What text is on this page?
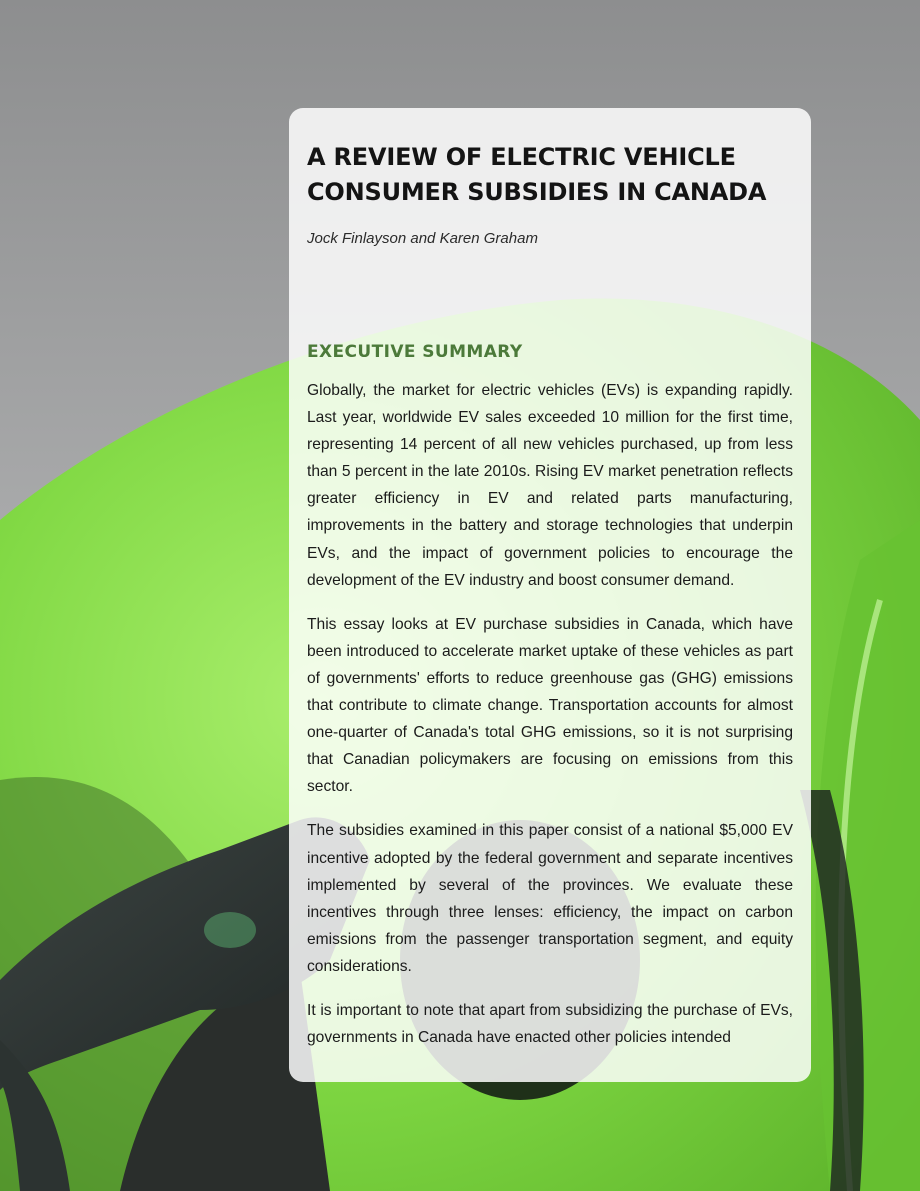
A REVIEW OF ELECTRIC VEHICLE CONSUMER SUBSIDIES IN CANADA

Jock Finlayson and Karen Graham

EXECUTIVE SUMMARY

Globally, the market for electric vehicles (EVs) is expanding rapidly. Last year, worldwide EV sales exceeded 10 million for the first time, representing 14 percent of all new vehicles purchased, up from less than 5 percent in the late 2010s. Rising EV market penetration reflects greater efficiency in EV and related parts manufacturing, improvements in the battery and storage technologies that underpin EVs, and the impact of government policies to encourage the development of the EV industry and boost consumer demand.

This essay looks at EV purchase subsidies in Canada, which have been introduced to accelerate market uptake of these vehicles as part of governments' efforts to reduce greenhouse gas (GHG) emissions that contribute to climate change. Transportation accounts for almost one-quarter of Canada's total GHG emissions, so it is not surprising that Canadian policymakers are focusing on emissions from this sector.

The subsidies examined in this paper consist of a national $5,000 EV incentive adopted by the federal government and separate incentives implemented by several of the provinces. We evaluate these incentives through three lenses: efficiency, the impact on carbon emissions from the passenger transportation segment, and equity considerations.

It is important to note that apart from subsidizing the purchase of EVs, governments in Canada have enacted other policies intended
